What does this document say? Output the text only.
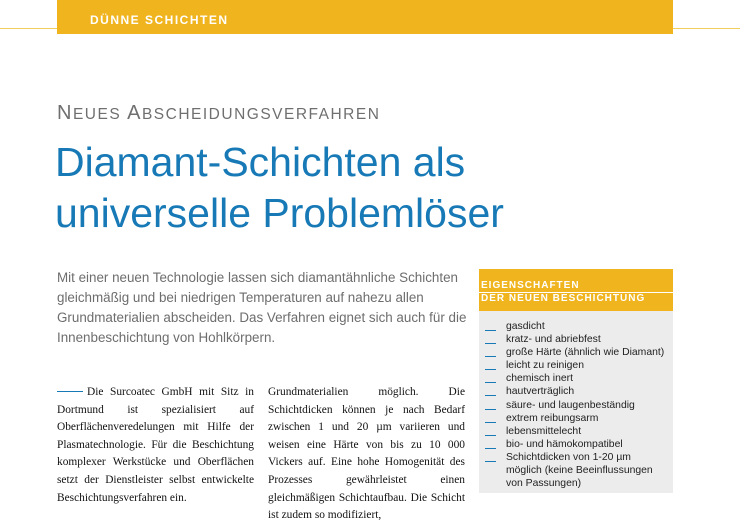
DÜNNE SCHICHTEN

NEUES ABSCHEIDUNGSVERFAHREN

Diamant-Schichten als
universelle Problemlöser

Mit einer neuen Technologie lassen sich diamantähnliche Schichten gleichmäßig und bei niedrigen Temperaturen auf nahezu allen Grundmaterialien abscheiden. Das Verfahren eignet sich auch für die Innenbeschichtung von Hohlkörpern.

Die Surcoatec GmbH mit Sitz in Dortmund ist spezialisiert auf Oberflächenveredelungen mit Hilfe der Plasmatechnologie. Für die Beschichtung komplexer Werkstücke und Oberflächen setzt der Dienstleister selbst entwickelte Beschichtungsverfahren ein.

Grundmaterialien möglich. Die Schichtdicken können je nach Bedarf zwischen 1 und 20 µm variieren und weisen eine Härte von bis zu 10 000 Vickers auf. Eine hohe Homogenität des Prozesses gewährleistet einen gleichmäßigen Schichtaufbau. Die Schicht ist zudem so modifiziert,

EIGENSCHAFTEN

DER NEUEN BESCHICHTUNG

gasdicht
kratz- und abriebfest
große Härte (ähnlich wie Diamant)
leicht zu reinigen
chemisch inert
hautverträglich
säure- und laugenbeständig
extrem reibungsarm
lebensmittelecht
bio- und hämokompatibel
Schichtdicken von 1-20 µm
möglich (keine Beeinflussungen
von Passungen)
